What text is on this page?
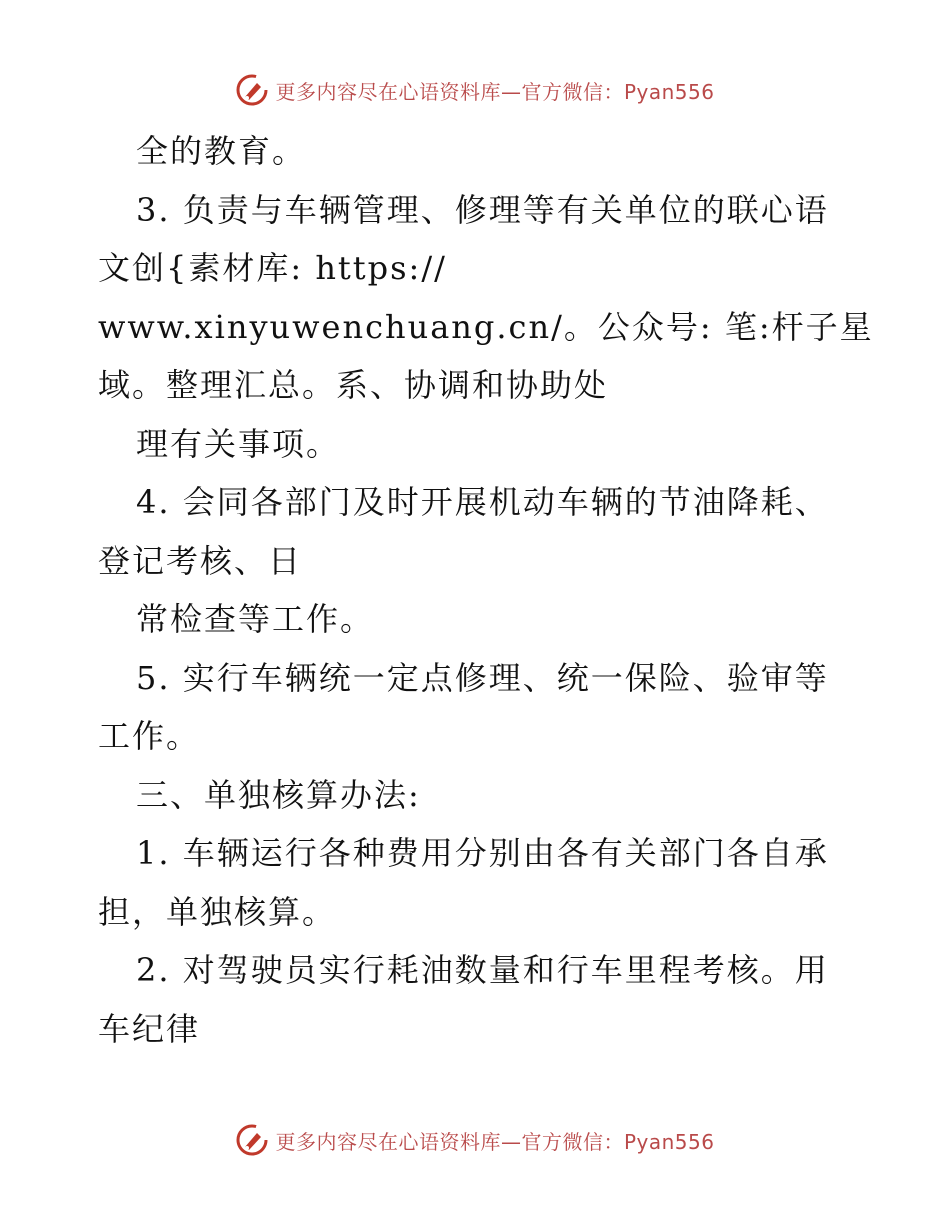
更多内容尽在心语资料库—官方微信：Pyan556
全的教育。
3. 负责与车辆管理、修理等有关单位的联心语
文创{素材库: https://
www.xinyuwenchuang.cn/。公众号: 笔:杆子星
域。整理汇总。系、协调和协助处
理有关事项。
4. 会同各部门及时开展机动车辆的节油降耗、
登记考核、日
常检查等工作。
5. 实行车辆统一定点修理、统一保险、验审等
工作。
三、单独核算办法:
1. 车辆运行各种费用分别由各有关部门各自承
担，单独核算。
2. 对驾驶员实行耗油数量和行车里程考核。用
车纪律
更多内容尽在心语资料库—官方微信：Pyan556
